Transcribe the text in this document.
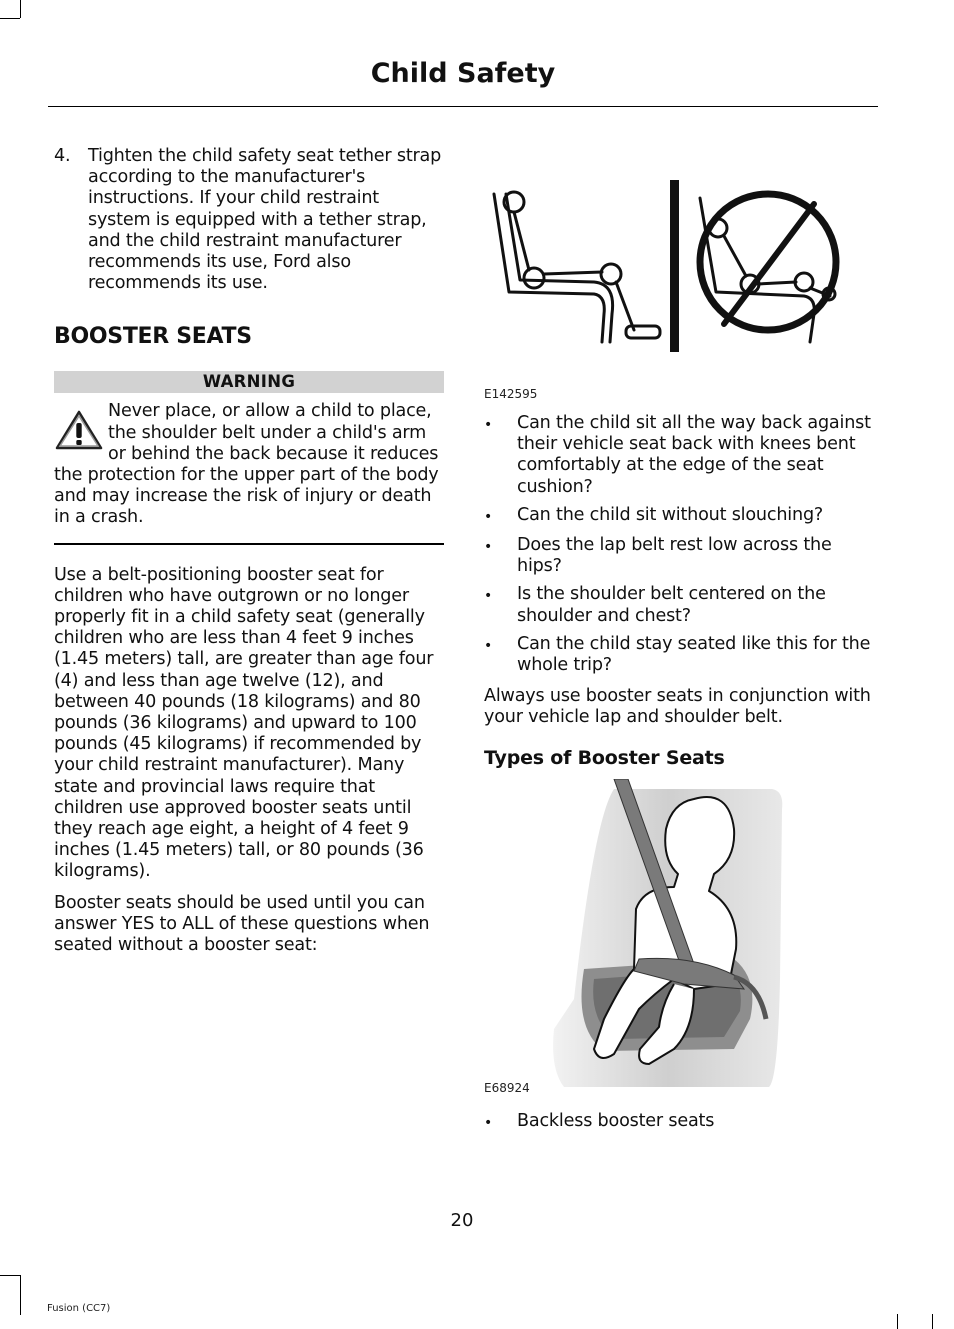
Child Safety
4.	Tighten the child safety seat tether strap according to the manufacturer's instructions. If your child restraint system is equipped with a tether strap, and the child restraint manufacturer recommends its use, Ford also recommends its use.
BOOSTER SEATS
WARNING
Never place, or allow a child to place, the shoulder belt under a child's arm or behind the back because it reduces the protection for the upper part of the body and may increase the risk of injury or death in a crash.
Use a belt-positioning booster seat for children who have outgrown or no longer properly fit in a child safety seat (generally children who are less than 4 feet 9 inches (1.45 meters) tall, are greater than age four (4) and less than age twelve (12), and between 40 pounds (18 kilograms) and 80 pounds (36 kilograms) and upward to 100 pounds (45 kilograms) if recommended by your child restraint manufacturer). Many state and provincial laws require that children use approved booster seats until they reach age eight, a height of 4 feet 9 inches (1.45 meters) tall, or 80 pounds (36 kilograms).
Booster seats should be used until you can answer YES to ALL of these questions when seated without a booster seat:
E142595
•	Can the child sit all the way back against their vehicle seat back with knees bent comfortably at the edge of the seat cushion?
•	Can the child sit without slouching?
•	Does the lap belt rest low across the hips?
•	Is the shoulder belt centered on the shoulder and chest?
•	Can the child stay seated like this for the whole trip?
Always use booster seats in conjunction with your vehicle lap and shoulder belt.
Types of Booster Seats
E68924
•	Backless booster seats
20
Fusion (CC7)
